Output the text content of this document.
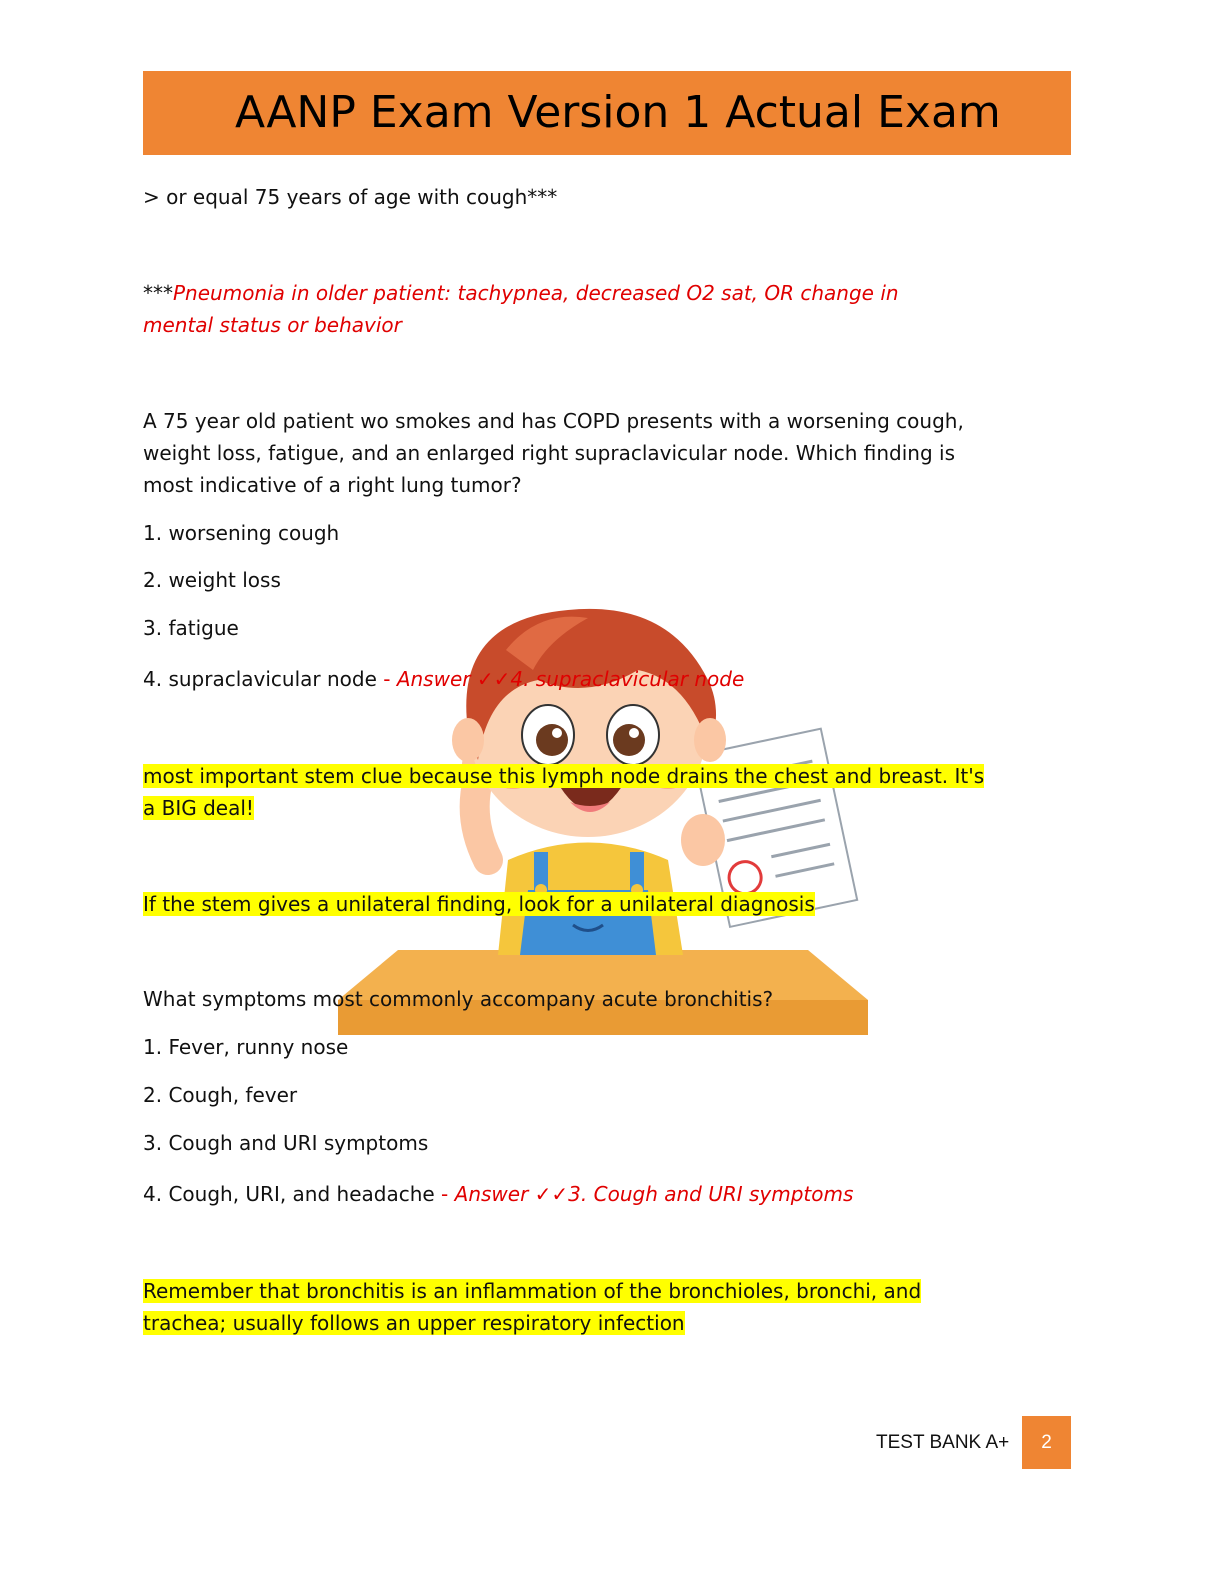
AANP Exam Version 1 Actual Exam
> or equal 75 years of age with cough***
***Pneumonia in older patient: tachypnea, decreased O2 sat, OR change in
mental status or behavior
A 75 year old patient wo smokes and has COPD presents with a worsening cough,
weight loss, fatigue, and an enlarged right supraclavicular node. Which finding is
most indicative of a right lung tumor?
1. worsening cough
2. weight loss
3. fatigue
4. supraclavicular node - Answer ✓✓4. supraclavicular node
most important stem clue because this lymph node drains the chest and breast. It's
a BIG deal!
If the stem gives a unilateral finding, look for a unilateral diagnosis
What symptoms most commonly accompany acute bronchitis?
1. Fever, runny nose
2. Cough, fever
3. Cough and URI symptoms
4. Cough, URI, and headache - Answer ✓✓3. Cough and URI symptoms
Remember that bronchitis is an inflammation of the bronchioles, bronchi, and
trachea; usually follows an upper respiratory infection
TEST BANK A+	2
